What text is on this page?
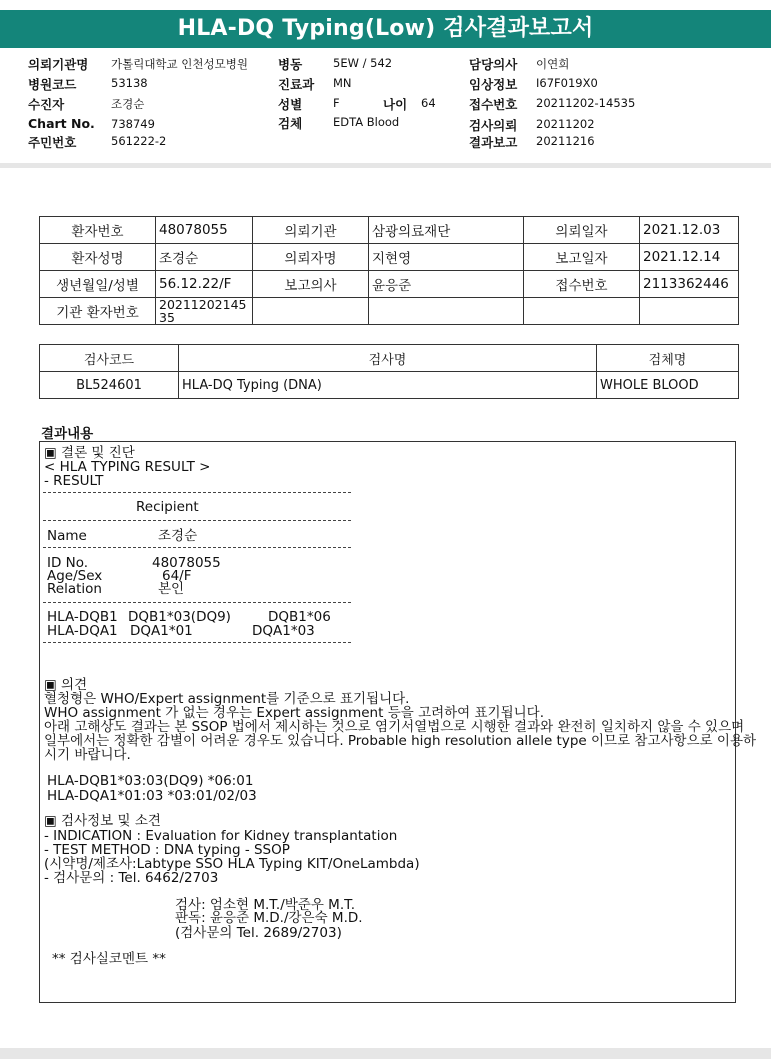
HLA-DQ Typing(Low) 검사결과보고서
의뢰기관명 가톨릭대학교 인천성모병원
병원코드	53138
수진자	조경순
Chart No. 738749
주민번호	561222-2
병동	5EW / 542
진료과 MN
성별	F	나이 64
검체	EDTA Blood
담당의사 이연희
임상정보 I67F019X0
접수번호 20211202-14535
검사의뢰 20211202
결과보고 20211216
환자번호	48078055	의뢰기관	삼광의료재단	의뢰일자	2021.12.03
환자성명	조경순	의뢰자명	지현영	보고일자	2021.12.14
생년월일/성별	56.12.22/F	보고의사	윤응준	접수번호	2113362446
기관 환자번호	2021120214535				
검사코드	검사명	검체명
BL524601	HLA-DQ Typing (DNA)	WHOLE BLOOD
결과내용
▣ 결론 및 진단
< HLA TYPING RESULT >
- RESULT
Recipient
Name	조경순
ID No.	48078055
Age/Sex	64/F
Relation	본인
HLA-DQB1 DQB1*03(DQ9)	DQB1*06
HLA-DQA1 DQA1*01	DQA1*03
▣ 의견
혈청형은 WHO/Expert assignment를 기준으로 표기됩니다.
WHO assignment 가 없는 경우는 Expert assignment 등을 고려하여 표기됩니다.
아래 고해상도 결과는 본 SSOP 법에서 제시하는 것으로 염기서열법으로 시행한 결과와 완전히 일치하지 않을 수 있으며
일부에서는 정확한 감별이 어려운 경우도 있습니다. Probable high resolution allele type 이므로 참고사항으로 이용하
시기 바랍니다.
HLA-DQB1*03:03(DQ9) *06:01
HLA-DQA1*01:03 *03:01/02/03
▣ 검사정보 및 소견
- INDICATION : Evaluation for Kidney transplantation
- TEST METHOD : DNA typing - SSOP
(시약명/제조사:Labtype SSO HLA Typing KIT/OneLambda)
- 검사문의 : Tel. 6462/2703
검사: 엄소현 M.T./박준우 M.T.
판독: 윤응준 M.D./강은숙 M.D.
(검사문의 Tel. 2689/2703)
** 검사실코멘트 **
